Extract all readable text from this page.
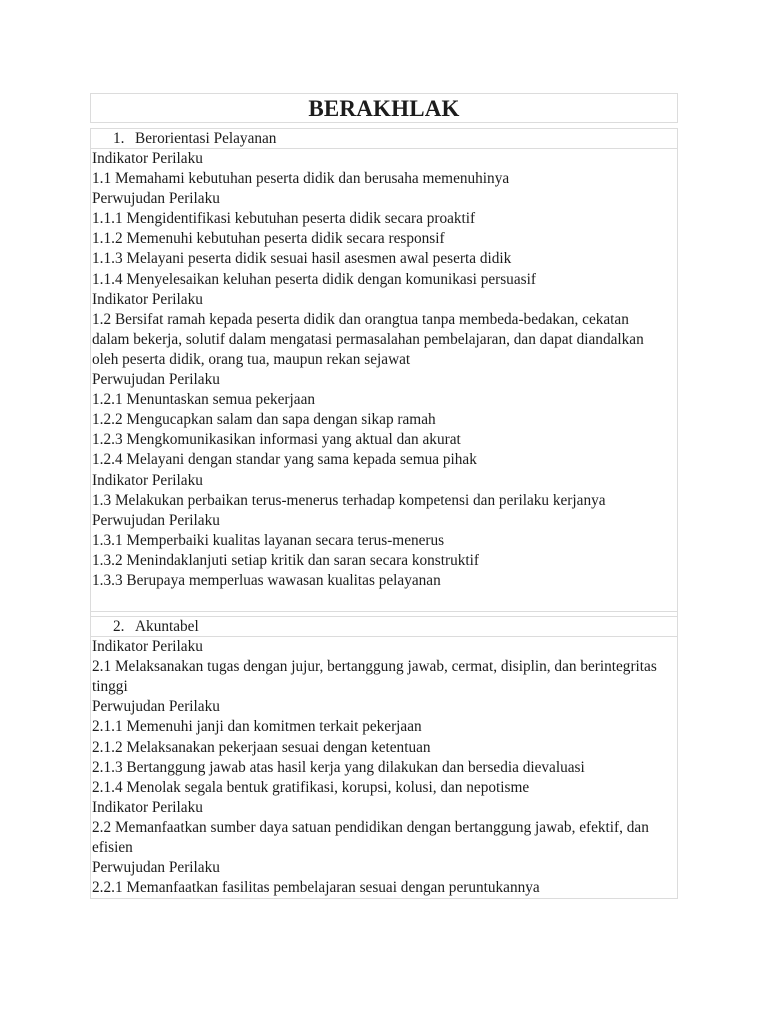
BERAKHLAK
1. Berorientasi Pelayanan
Indikator Perilaku
1.1 Memahami kebutuhan peserta didik dan berusaha memenuhinya
Perwujudan Perilaku
1.1.1 Mengidentifikasi kebutuhan peserta didik secara proaktif
1.1.2 Memenuhi kebutuhan peserta didik secara responsif
1.1.3 Melayani peserta didik sesuai hasil asesmen awal peserta didik
1.1.4 Menyelesaikan keluhan peserta didik dengan komunikasi persuasif
Indikator Perilaku
1.2 Bersifat ramah kepada peserta didik dan orangtua tanpa membeda-bedakan, cekatan dalam bekerja, solutif dalam mengatasi permasalahan pembelajaran, dan dapat diandalkan oleh peserta didik, orang tua, maupun rekan sejawat
Perwujudan Perilaku
1.2.1 Menuntaskan semua pekerjaan
1.2.2 Mengucapkan salam dan sapa dengan sikap ramah
1.2.3 Mengkomunikasikan informasi yang aktual dan akurat
1.2.4 Melayani dengan standar yang sama kepada semua pihak
Indikator Perilaku
1.3 Melakukan perbaikan terus-menerus terhadap kompetensi dan perilaku kerjanya
Perwujudan Perilaku
1.3.1 Memperbaiki kualitas layanan secara terus-menerus
1.3.2 Menindaklanjuti setiap kritik dan saran secara konstruktif
1.3.3 Berupaya memperluas wawasan kualitas pelayanan
2. Akuntabel
Indikator Perilaku
2.1 Melaksanakan tugas dengan jujur, bertanggung jawab, cermat, disiplin, dan berintegritas tinggi
Perwujudan Perilaku
2.1.1 Memenuhi janji dan komitmen terkait pekerjaan
2.1.2 Melaksanakan pekerjaan sesuai dengan ketentuan
2.1.3 Bertanggung jawab atas hasil kerja yang dilakukan dan bersedia dievaluasi
2.1.4 Menolak segala bentuk gratifikasi, korupsi, kolusi, dan nepotisme
Indikator Perilaku
2.2 Memanfaatkan sumber daya satuan pendidikan dengan bertanggung jawab, efektif, dan efisien
Perwujudan Perilaku
2.2.1 Memanfaatkan fasilitas pembelajaran sesuai dengan peruntukannya
